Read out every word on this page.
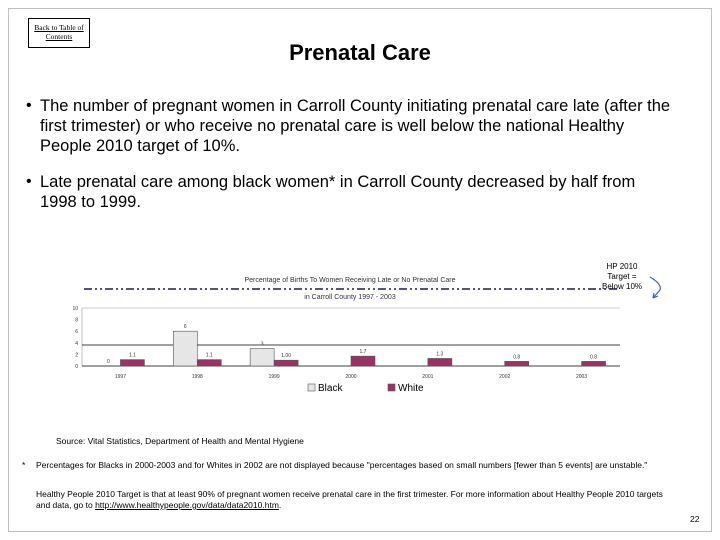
Back to Table of Contents
Prenatal Care
• The number of pregnant women in Carroll County initiating prenatal care late (after the first trimester) or who receive no prenatal care is well below the national Healthy People 2010 target of 10%.
• Late prenatal care among black women* in Carroll County decreased by half from 1998 to 1999.
HP 2010 Target = Below 10%
Percentage of Births To Women Receiving Late or No Prenatal Care
in Carroll County 1997 - 2003
10
8
6
4
2
0
0
1.1
6
1.1
3
1.00
1.7	1.3	0.8	0.8
1997	1998	1999	2000	2001	2002	2003
Black	White
Source: Vital Statistics, Department of Health and Mental Hygiene
*	Percentages for Blacks in 2000-2003 and for Whites in 2002 are not displayed because "percentages based on small numbers [fewer than 5 events] are unstable."
Healthy People 2010 Target is that at least 90% of pregnant women receive prenatal care in the first trimester. For more information about Healthy People 2010 targets and data, go to http://www.healthypeople.gov/data/data2010.htm.
22
